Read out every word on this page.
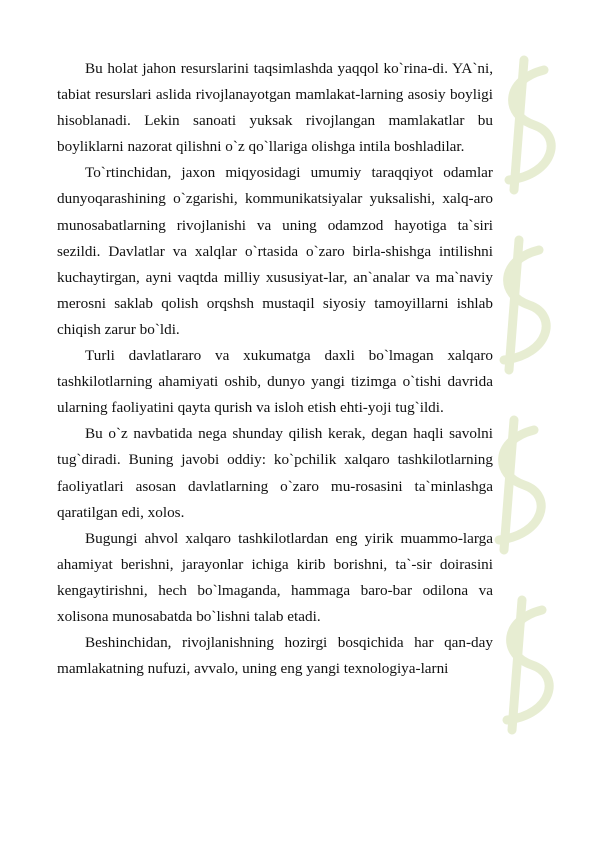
Bu holat jahon resurslarini taqsimlashda yaqqol ko`rina-di. YA`ni, tabiat resurslari aslida rivojlanayotgan mamlakat-larning asosiy boyligi hisoblanadi. Lekin sanoati yuksak rivojlangan mamlakatlar bu boyliklarni nazorat qilishni o`z qo`llariga olishga intila boshladilar.

To`rtinchidan, jaxon miqyosidagi umumiy taraqqiyot odamlar dunyoqarashining o`zgarishi, kommunikatsiyalar yuksalishi, xalq-aro munosabatlarning rivojlanishi va uning odamzod hayotiga ta`siri sezildi. Davlatlar va xalqlar o`rtasida o`zaro birla-shishga intilishni kuchaytirgan, ayni vaqtda milliy xususiyat-lar, an`analar va ma`naviy merosni saklab qolish orqshsh mustaqil siyosiy tamoyillarni ishlab chiqish zarur bo`ldi.

Turli davlatlararo va xukumatga daxli bo`lmagan xalqaro tashkilotlarning ahamiyati oshib, dunyo yangi tizimga o`tishi davrida ularning faoliyatini qayta qurish va isloh etish ehti-yoji tug`ildi.

Bu o`z navbatida nega shunday qilish kerak, degan haqli savolni tug`diradi. Buning javobi oddiy: ko`pchilik xalqaro tashkilotlarning faoliyatlari asosan davlatlarning o`zaro mu-rosasini ta`minlashga qaratilgan edi, xolos.

Bugungi ahvol xalqaro tashkilotlardan eng yirik muammo-larga ahamiyat berishni, jarayonlar ichiga kirib borishni, ta`-sir doirasini kengaytirishni, hech bo`lmaganda, hammaga baro-bar odilona va xolisona munosabatda bo`lishni talab etadi.

Beshinchidan, rivojlanishning hozirgi bosqichida har qan-day mamlakatning nufuzi, avvalo, uning eng yangi texnologiya-larni
